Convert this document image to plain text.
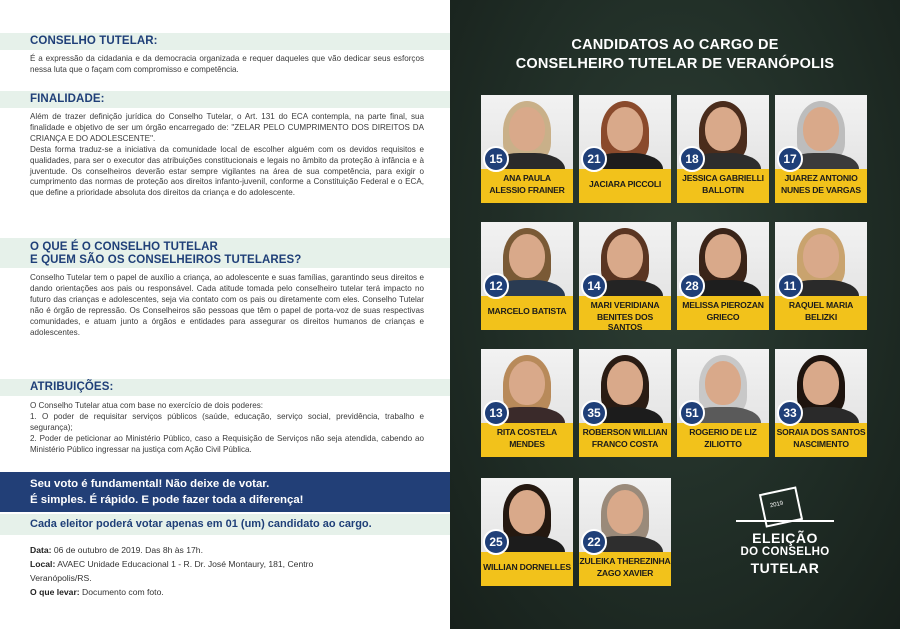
CONSELHO TUTELAR:
É a expressão da cidadania e da democracia organizada e requer daqueles que vão dedicar seus esforços nessa luta que o façam com compromisso e competência.
FINALIDADE:
Além de trazer definição jurídica do Conselho Tutelar, o Art. 131 do ECA contempla, na parte final, sua finalidade e objetivo de ser um órgão encarregado de: "ZELAR PELO CUMPRIMENTO DOS DIREITOS DA CRIANÇA E DO ADOLESCENTE".
Desta forma traduz-se a iniciativa da comunidade local de escolher alguém com os devidos requisitos e qualidades, para ser o executor das atribuições constitucionais e legais no âmbito da proteção à infância e à juventude. Os conselheiros deverão estar sempre vigilantes na área de sua competência, para exigir o cumprimento das normas de proteção aos direitos infanto-juvenil, conforme a Constituição Federal e o ECA, que define a prioridade absoluta dos direitos da criança e do adolescente.
O QUE É O CONSELHO TUTELAR
E QUEM SÃO OS CONSELHEIROS TUTELARES?
Conselho Tutelar tem o papel de auxílio a criança, ao adolescente e suas famílias, garantindo seus direitos e dando orientações aos pais ou responsável. Cada atitude tomada pelo conselheiro tutelar terá impacto no futuro das crianças e adolescentes, seja via contato com os pais ou diretamente com eles. Conselho Tutelar não é órgão de repressão. Os Conselheiros são pessoas que têm o papel de porta-voz de suas respectivas comunidades, e atuam junto a órgãos e entidades para assegurar os direitos humanos de crianças e adolescentes.
ATRIBUIÇÕES:
O Conselho Tutelar atua com base no exercício de dois poderes:
1. O poder de requisitar serviços públicos (saúde, educação, serviço social, previdência, trabalho e segurança);
2. Poder de peticionar ao Ministério Público, caso a Requisição de Serviços não seja atendida, cabendo ao Ministério Público ingressar na justiça com Ação Civil Pública.
Seu voto é fundamental! Não deixe de votar.
É simples. É rápido. E pode fazer toda a diferença!
Cada eleitor poderá votar apenas em 01 (um) candidato ao cargo.
Data: 06 de outubro de 2019. Das 8h às 17h.
Local: AVAEC Unidade Educacional 1 - R. Dr. José Montaury, 181, Centro
Veranópolis/RS.
O que levar: Documento com foto.
CANDIDATOS AO CARGO DE
CONSELHEIRO TUTELAR DE VERANÓPOLIS
ANA PAULA
ALESSIO FRAINER
15
JACIARA PICCOLI
21
JESSICA GABRIELLI
BALLOTIN
18
JUAREZ ANTONIO
NUNES DE VARGAS
17
MARCELO BATISTA
12
MARI VERIDIANA
BENITES DOS SANTOS
14
MELISSA PIEROZAN
GRIECO
28
RAQUEL MARIA
BELIZKI
11
RITA COSTELA
MENDES
13
ROBERSON WILLIAN
FRANCO COSTA
35
ROGERIO DE LIZ
ZILIOTTO
51
SORAIA DOS SANTOS
NASCIMENTO
33
WILLIAN DORNELLES
25
ZULEIKA THEREZINHA
ZAGO XAVIER
22
2019
ELEIÇÃO
DO CONSELHO
TUTELAR
